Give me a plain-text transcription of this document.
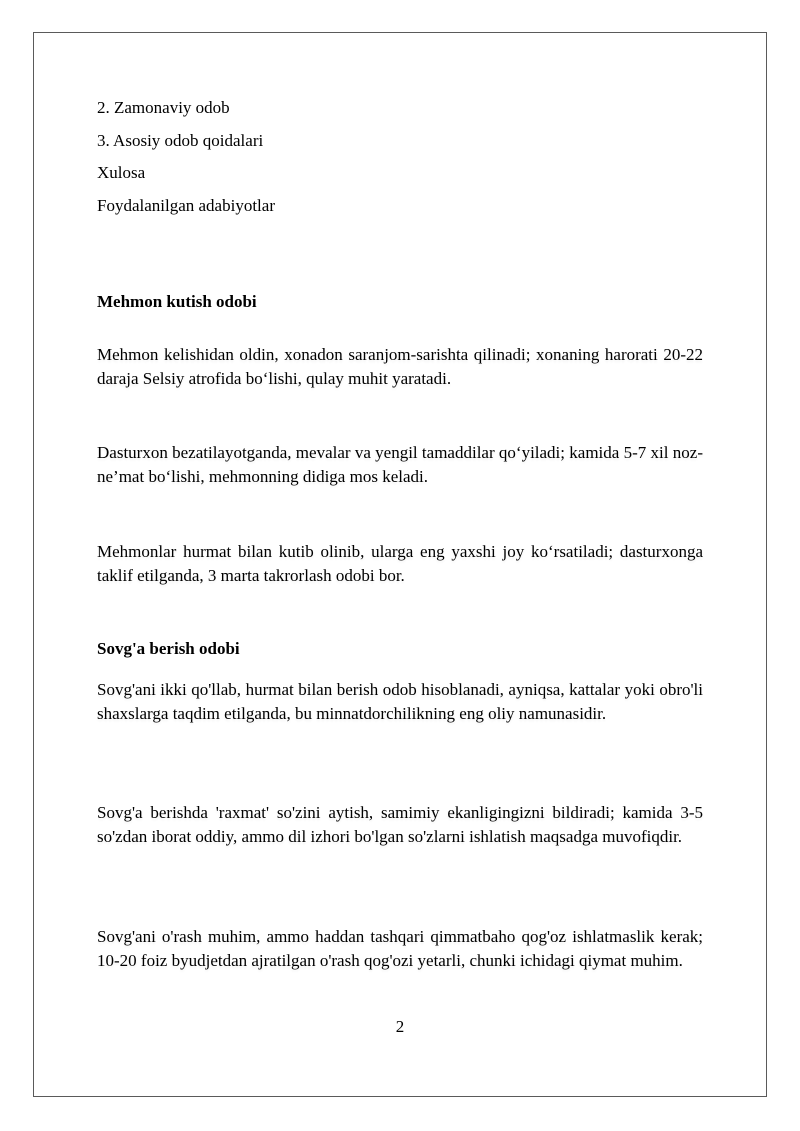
2. Zamonaviy odob
3. Asosiy odob qoidalari
Xulosa
Foydalanilgan adabiyotlar
Mehmon kutish odobi
Mehmon kelishidan oldin, xonadon saranjom-sarishta qilinadi; xonaning harorati 20-22 daraja Selsiy atrofida bo‘lishi, qulay muhit yaratadi.
Dasturxon bezatilayotganda, mevalar va yengil tamaddilar qo‘yiladi; kamida 5-7 xil noz-ne’mat bo‘lishi, mehmonning didiga mos keladi.
Mehmonlar hurmat bilan kutib olinib, ularga eng yaxshi joy ko‘rsatiladi; dasturxonga taklif etilganda, 3 marta takrorlash odobi bor.
Sovg'a berish odobi
Sovg'ani ikki qo'llab, hurmat bilan berish odob hisoblanadi, ayniqsa, kattalar yoki obro'li shaxslarga taqdim etilganda, bu minnatdorchilikning eng oliy namunasidir.
Sovg'a berishda 'raxmat' so'zini aytish, samimiy ekanligingizni bildiradi; kamida 3-5 so'zdan iborat oddiy, ammo dil izhori bo'lgan so'zlarni ishlatish maqsadga muvofiqdir.
Sovg'ani o'rash muhim, ammo haddan tashqari qimmatbaho qog'oz ishlatmaslik kerak; 10-20 foiz byudjetdan ajratilgan o'rash qog'ozi yetarli, chunki ichidagi qiymat muhim.
2
